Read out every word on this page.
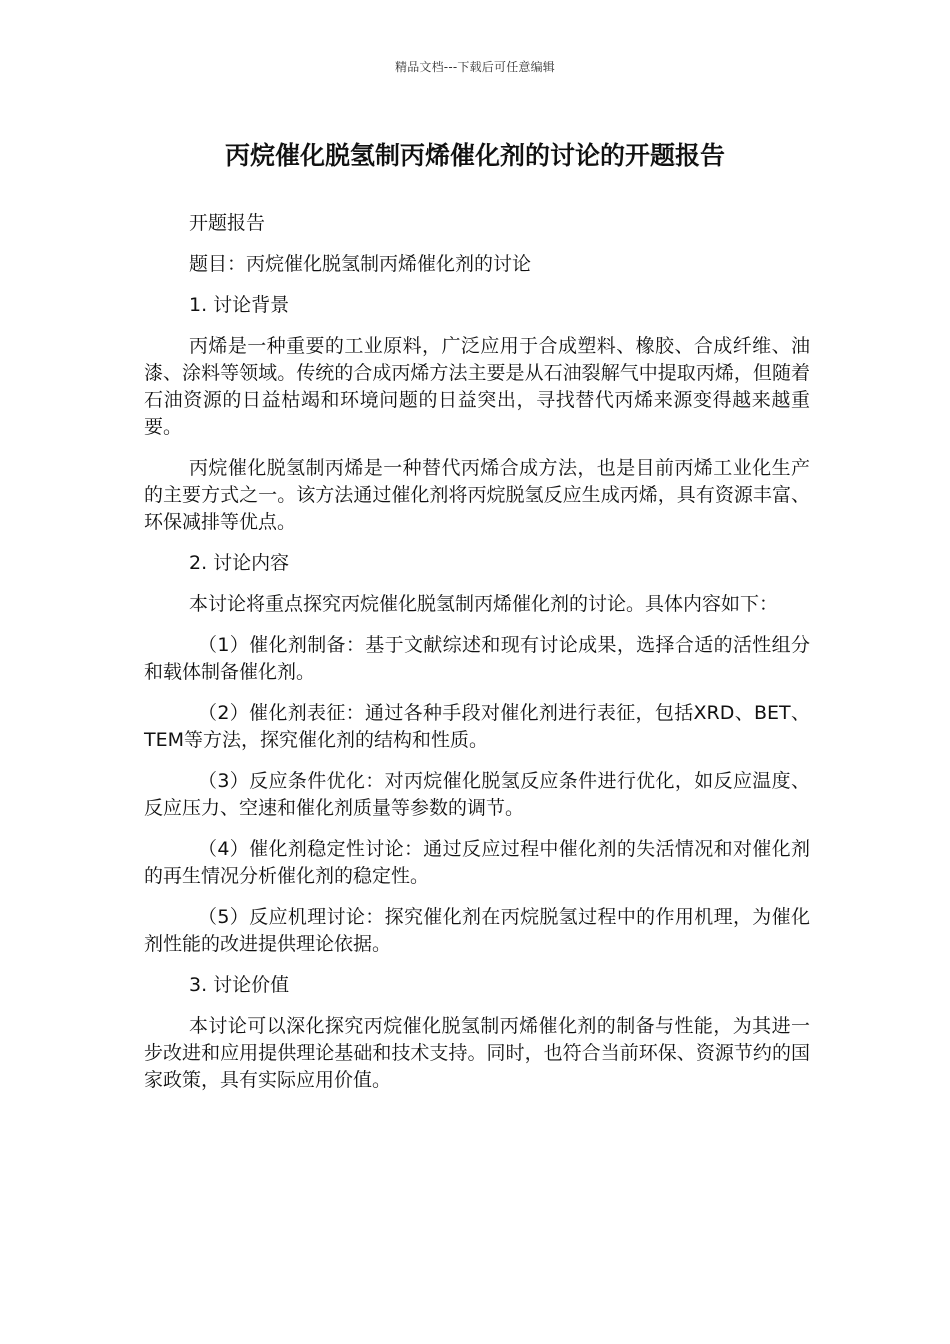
精品文档---下载后可任意编辑
丙烷催化脱氢制丙烯催化剂的讨论的开题报告

开题报告

题目：丙烷催化脱氢制丙烯催化剂的讨论

1. 讨论背景

丙烯是一种重要的工业原料，广泛应用于合成塑料、橡胶、合成纤维、油漆、涂料等领域。传统的合成丙烯方法主要是从石油裂解气中提取丙烯，但随着石油资源的日益枯竭和环境问题的日益突出，寻找替代丙烯来源变得越来越重要。

丙烷催化脱氢制丙烯是一种替代丙烯合成方法，也是目前丙烯工业化生产的主要方式之一。该方法通过催化剂将丙烷脱氢反应生成丙烯，具有资源丰富、环保减排等优点。

2. 讨论内容

本讨论将重点探究丙烷催化脱氢制丙烯催化剂的讨论。具体内容如下：

（1）催化剂制备：基于文献综述和现有讨论成果，选择合适的活性组分和载体制备催化剂。

（2）催化剂表征：通过各种手段对催化剂进行表征，包括XRD、BET、TEM等方法，探究催化剂的结构和性质。

（3）反应条件优化：对丙烷催化脱氢反应条件进行优化，如反应温度、反应压力、空速和催化剂质量等参数的调节。

（4）催化剂稳定性讨论：通过反应过程中催化剂的失活情况和对催化剂的再生情况分析催化剂的稳定性。

（5）反应机理讨论：探究催化剂在丙烷脱氢过程中的作用机理，为催化剂性能的改进提供理论依据。

3. 讨论价值

本讨论可以深化探究丙烷催化脱氢制丙烯催化剂的制备与性能，为其进一步改进和应用提供理论基础和技术支持。同时，也符合当前环保、资源节约的国家政策，具有实际应用价值。
